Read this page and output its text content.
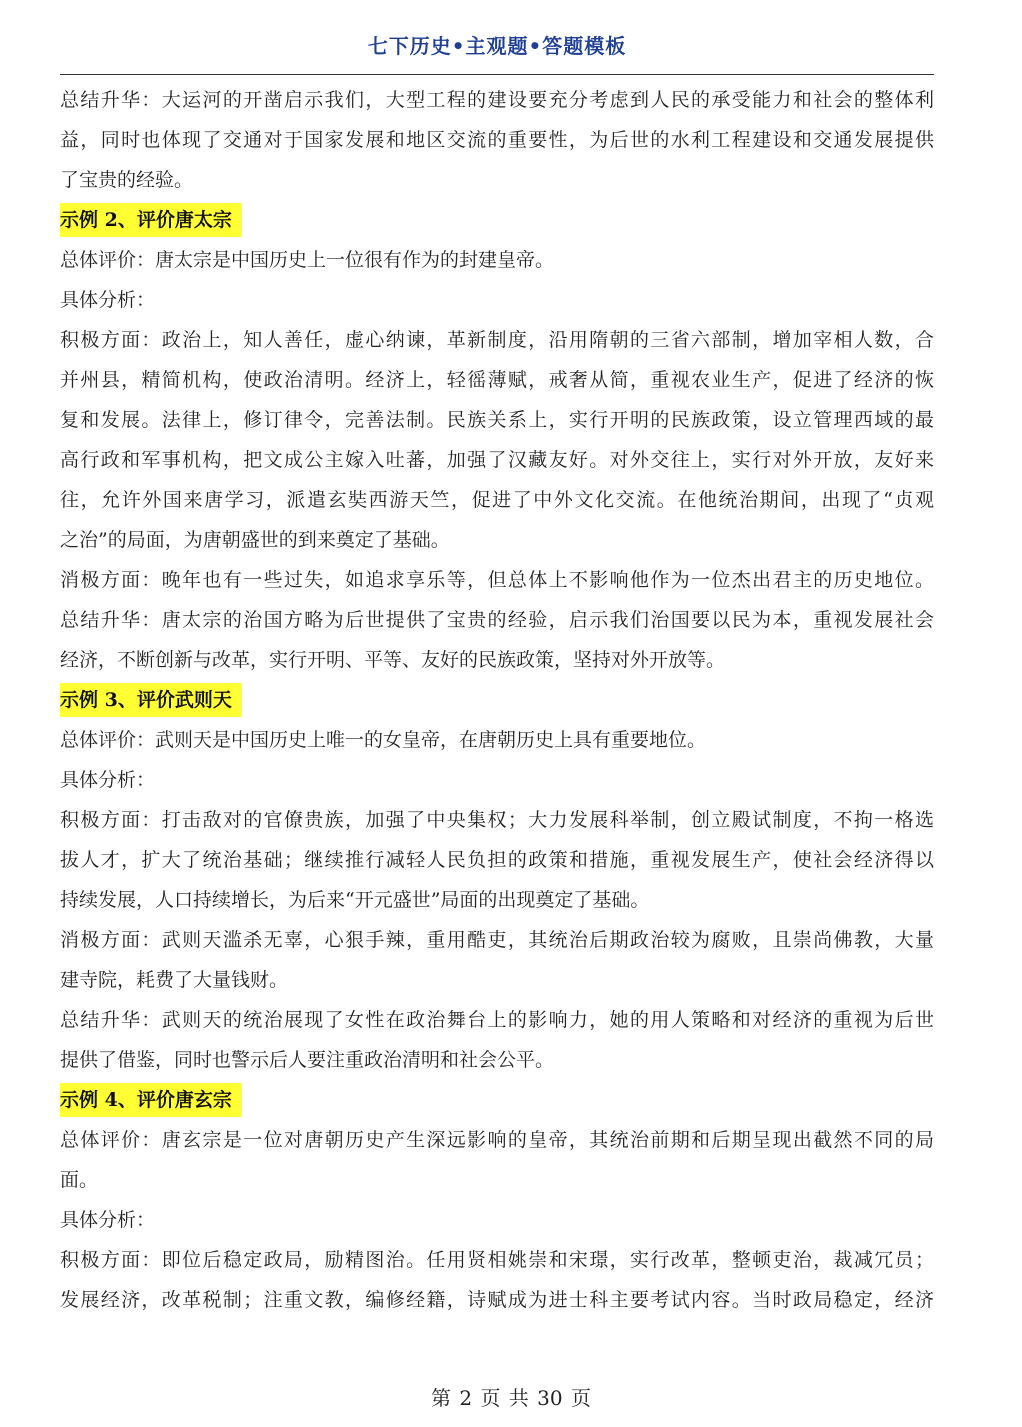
七下历史•主观题•答题模板
总结升华：大运河的开凿启示我们，大型工程的建设要充分考虑到人民的承受能力和社会的整体利
益，同时也体现了交通对于国家发展和地区交流的重要性，为后世的水利工程建设和交通发展提供
了宝贵的经验。
示例 2、评价唐太宗
总体评价：唐太宗是中国历史上一位很有作为的封建皇帝。
具体分析：
积极方面：政治上，知人善任，虚心纳谏，革新制度，沿用隋朝的三省六部制，增加宰相人数，合
并州县，精简机构，使政治清明。经济上，轻徭薄赋，戒奢从简，重视农业生产，促进了经济的恢
复和发展。法律上，修订律令，完善法制。民族关系上，实行开明的民族政策，设立管理西域的最
高行政和军事机构，把文成公主嫁入吐蕃，加强了汉藏友好。对外交往上，实行对外开放，友好来
往，允许外国来唐学习，派遣玄奘西游天竺，促进了中外文化交流。在他统治期间，出现了“贞观
之治”的局面，为唐朝盛世的到来奠定了基础。
消极方面：晚年也有一些过失，如追求享乐等，但总体上不影响他作为一位杰出君主的历史地位。
总结升华：唐太宗的治国方略为后世提供了宝贵的经验，启示我们治国要以民为本，重视发展社会
经济，不断创新与改革，实行开明、平等、友好的民族政策，坚持对外开放等。
示例 3、评价武则天
总体评价：武则天是中国历史上唯一的女皇帝，在唐朝历史上具有重要地位。
具体分析：
积极方面：打击敌对的官僚贵族，加强了中央集权；大力发展科举制，创立殿试制度，不拘一格选
拔人才，扩大了统治基础；继续推行减轻人民负担的政策和措施，重视发展生产，使社会经济得以
持续发展，人口持续增长，为后来“开元盛世”局面的出现奠定了基础。
消极方面：武则天滥杀无辜，心狠手辣，重用酷吏，其统治后期政治较为腐败，且崇尚佛教，大量
建寺院，耗费了大量钱财。
总结升华：武则天的统治展现了女性在政治舞台上的影响力，她的用人策略和对经济的重视为后世
提供了借鉴，同时也警示后人要注重政治清明和社会公平。
示例 4、评价唐玄宗
总体评价：唐玄宗是一位对唐朝历史产生深远影响的皇帝，其统治前期和后期呈现出截然不同的局
面。
具体分析：
积极方面：即位后稳定政局，励精图治。任用贤相姚崇和宋璟，实行改革，整顿吏治，裁减冗员；
发展经济，改革税制；注重文教，编修经籍，诗赋成为进士科主要考试内容。当时政局稳定，经济
第 2 页 共 30 页
